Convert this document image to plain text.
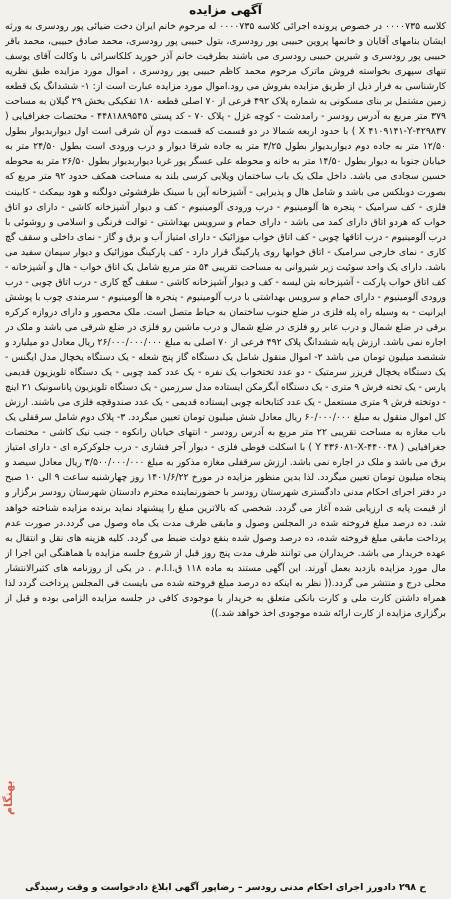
آگهی مزایده

کلاسه ۰۰۰۰۷۳۵ در خصوص پرونده اجرائی کلاسه ۰۰۰۰۷۳۵ له مرحوم خانم ایران دخت ضیائی پور رودسری به ورثه ایشان بنامهای آقایان و خانمها پروین حبیبی پور رودسری، بتول حبیبی پور رودسری، محمد صادق حبیبی، محمد باقر حبیبی پور رودسری و شیرین حبیبی رودسری می باشند بطرفیت خانم آذر خورید کلکاسرائی با وکالت آقای یوسف تنهای سپهری بخواسته فروش ماترک مرحوم محمد کاظم حبیبی پور رودسری ، اموال مورد مزایده طبق نظریه کارشناسی به فرار ذیل از طریق مزایده بفروش می رود.اموال مورد مزایده عبارت است از: ۱- ششدانگ یک قطعه زمین مشتمل بر بنای مسکونی به شماره پلاک ۴۹۲ فرعی از ۷۰ اصلی قطعه ۱۸۰ تفکیکی بخش ۲۹ گیلان به مساحت ۳۷۹ متر مربع به آدرس رودسر - رامدشت - کوچه غزل - پلاک ۷۰ - کد پستی ۴۴۸۱۸۸۹۵۴۵ - مختصات جغرافیایی ( ۴۲۹۸۳۷-X ۴۱۰۹۱۴۱-Y ) با حدود اربعه شمالا در دو قسمت که قسمت دوم آن شرقی است اول دیواربدیوار بطول ۱۲/۵۰ متر به جاده دوم دیواربدیوار بطول ۳/۲۵ متر به جاده شرقا دیوار و درب ورودی است بطول ۲۴/۵۰ متر به خیابان جنوبا به دیوار بطول ۱۴/۵۰ متر به خانه و محوطه علی عسگر پور غربا دیواربدیوار بطول ۲۶/۵۰ متر به محوطه حسین سجادی می باشد. داخل ملک یک باب ساختمان ویلایی کرسی بلند به مساحت همکف حدود ۹۲ متر مربع که بصورت دوبلکس می باشد و شامل هال و پذیرایی - آشپزخانه آپن با سینک ظرفشوئی دولگنه و هود بیمکث - کابینت فلزی - کف سرامیک - پنجره ها آلومینیوم - درب ورودی آلومینیوم - کف و دیوار آشپزخانه کاشی - دارای دو اتاق خواب که هردو اتاق دارای کمد می باشد - دارای حمام و سرویس بهداشتی - توالت فرنگی و اسلامی و روشوئی با درب آلومینیوم - درب اتاقها چوبی - کف اتاق خواب موزائیک - دارای امتیاز آب و برق و گاز - نمای داخلی و سقف گچ کاری - نمای خارجی سرامیک - اتاق خوابها روی پارکینگ قرار دارد - کف پارکینگ موزائیک و دیوار سیمان سفید می باشد. دارای یک واحد سوئیت زیر شیروانی به مساحت تقریبی ۵۴ متر مربع شامل یک اتاق خواب - هال و آشپزخانه - کف اتاق خواب پارکت - آشپزخانه بتن لیسه - کف و دیوار آشپزخانه کاشی - سقف گچ کاری - درب اتاق چوبی - درب ورودی آلومینیوم - دارای حمام و سرویس بهداشتی با درب آلومینیوم - پنجره ها آلومینیوم - سرمندی چوب با پوشش ایرانیت - به وسیله راه پله فلزی در ضلع جنوب ساختمان به حیاط متصل است. ملک محصور و دارای دروازه کرکره برقی در ضلع شمال و درب عابر رو فلزی در ضلع شمال و درب ماشین رو فلزی در ضلع شرقی می باشد و ملک در اجاره نمی باشد. ارزش پایه ششدانگ پلاک ۴۹۲ فرعی از ۷۰ اصلی به مبلغ ۲۶/۰۰۰/۰۰۰/۰۰۰ ریال معادل دو میلیارد و ششصد میلیون تومان می باشد ۲- اموال منقول شامل یک دستگاه گاز پنج شعله - یک دستگاه یخچال مدل ایگنس - یک دستگاه یخچال فریزر سرمتیک - دو عدد تختخواب یک نفره - یک عدد کمد چوبی - یک دستگاه تلویزیون قدیمی پارس - یک تخته فرش ۹ متری - یک دستگاه آبگرمکن ایستاده مدل سرزمین - یک دستگاه تلویزیون پاناسونیک ۲۱ اینچ - دوتخته فرش ۹ متری مستعمل - یک عدد کتابخانه چوبی ایستاده قدیمی - یک عدد صندوقچه فلزی می باشند. ارزش کل اموال منقول به مبلغ ۶۰/۰۰۰/۰۰۰ ریال معادل شش میلیون تومان تعیین میگردد. ۳- پلاک دوم شامل سرقفلی یک باب مغازه به مساحت تقریبی ۲۲ متر مربع به آدرس رودسر - انتهای خیابان رانکوه - جنب نیک کاشی - مختصات جغرافیایی ( ۴۴۰۰۴۸-Y ۴۳۶۰۸۱-X ) با اسکلت فوطی فلزی - دیوار آجر فشاری - درب جلوکرکره ای - دارای امتیاز برق می باشد و ملک در اجاره نمی باشد. ارزش سرقفلی مغازه مذکور به مبلغ ۳/۵۰۰/۰۰۰/۰۰۰ ریال معادل سیصد و پنجاه میلیون تومان تعیین میگردد. لذا بدین منظور مزایده در مورخ ۱۴۰۱/۶/۲۲ روز چهارشنبه ساعت ۹ الی ۱۰ صبح در دفتر اجرای احکام مدنی دادگستری شهرستان رودسر با حضورنماینده محترم دادستان شهرستان رودسر برگزار و از قیمت پایه ی ارزیابی شده آغاز می گردد. شخصی که بالاترین مبلغ را پیشنهاد نماید برنده مزایده شناخته خواهد شد. ده درصد مبلغ فروخته شده در المجلس وصول و مابقی ظرف مدت یک ماه وصول می گردد.در صورت عدم پرداخت مابقی مبلغ فروخته شده، ده درصد وصول شده بنفع دولت ضبط می گردد. کلیه هزینه های نقل و انتقال به عهده خریدار می باشد. خریداران می توانند ظرف مدت پنج روز قبل از شروع جلسه مزایده با هماهنگی این اجرا از مال مورد مزایده بازدید بعمل آورند. این آگهی مستند به ماده ۱۱۸ ق.ا.ا.م . در یکی از روزنامه های کثیرالانتشار محلی درج و منتشر می گردد.(( نظر به اینکه ده درصد مبلغ فروخته شده می بایست فی المجلس پرداخت گردد لذا همراه داشتن کارت ملی و کارت بانکی متعلق به خریدار با موجودی کافی در جلسه مزایده الزامی بوده و قبل از برگزاری مزایده از کارت ارائه شده موجودی اخذ خواهد شد.))

ح ۲۹۸ دادورز اجرای احکام مدنی رودسر – رضاپور آگهی ابلاغ دادخواست و وقت رسیدگی
بهنگام
